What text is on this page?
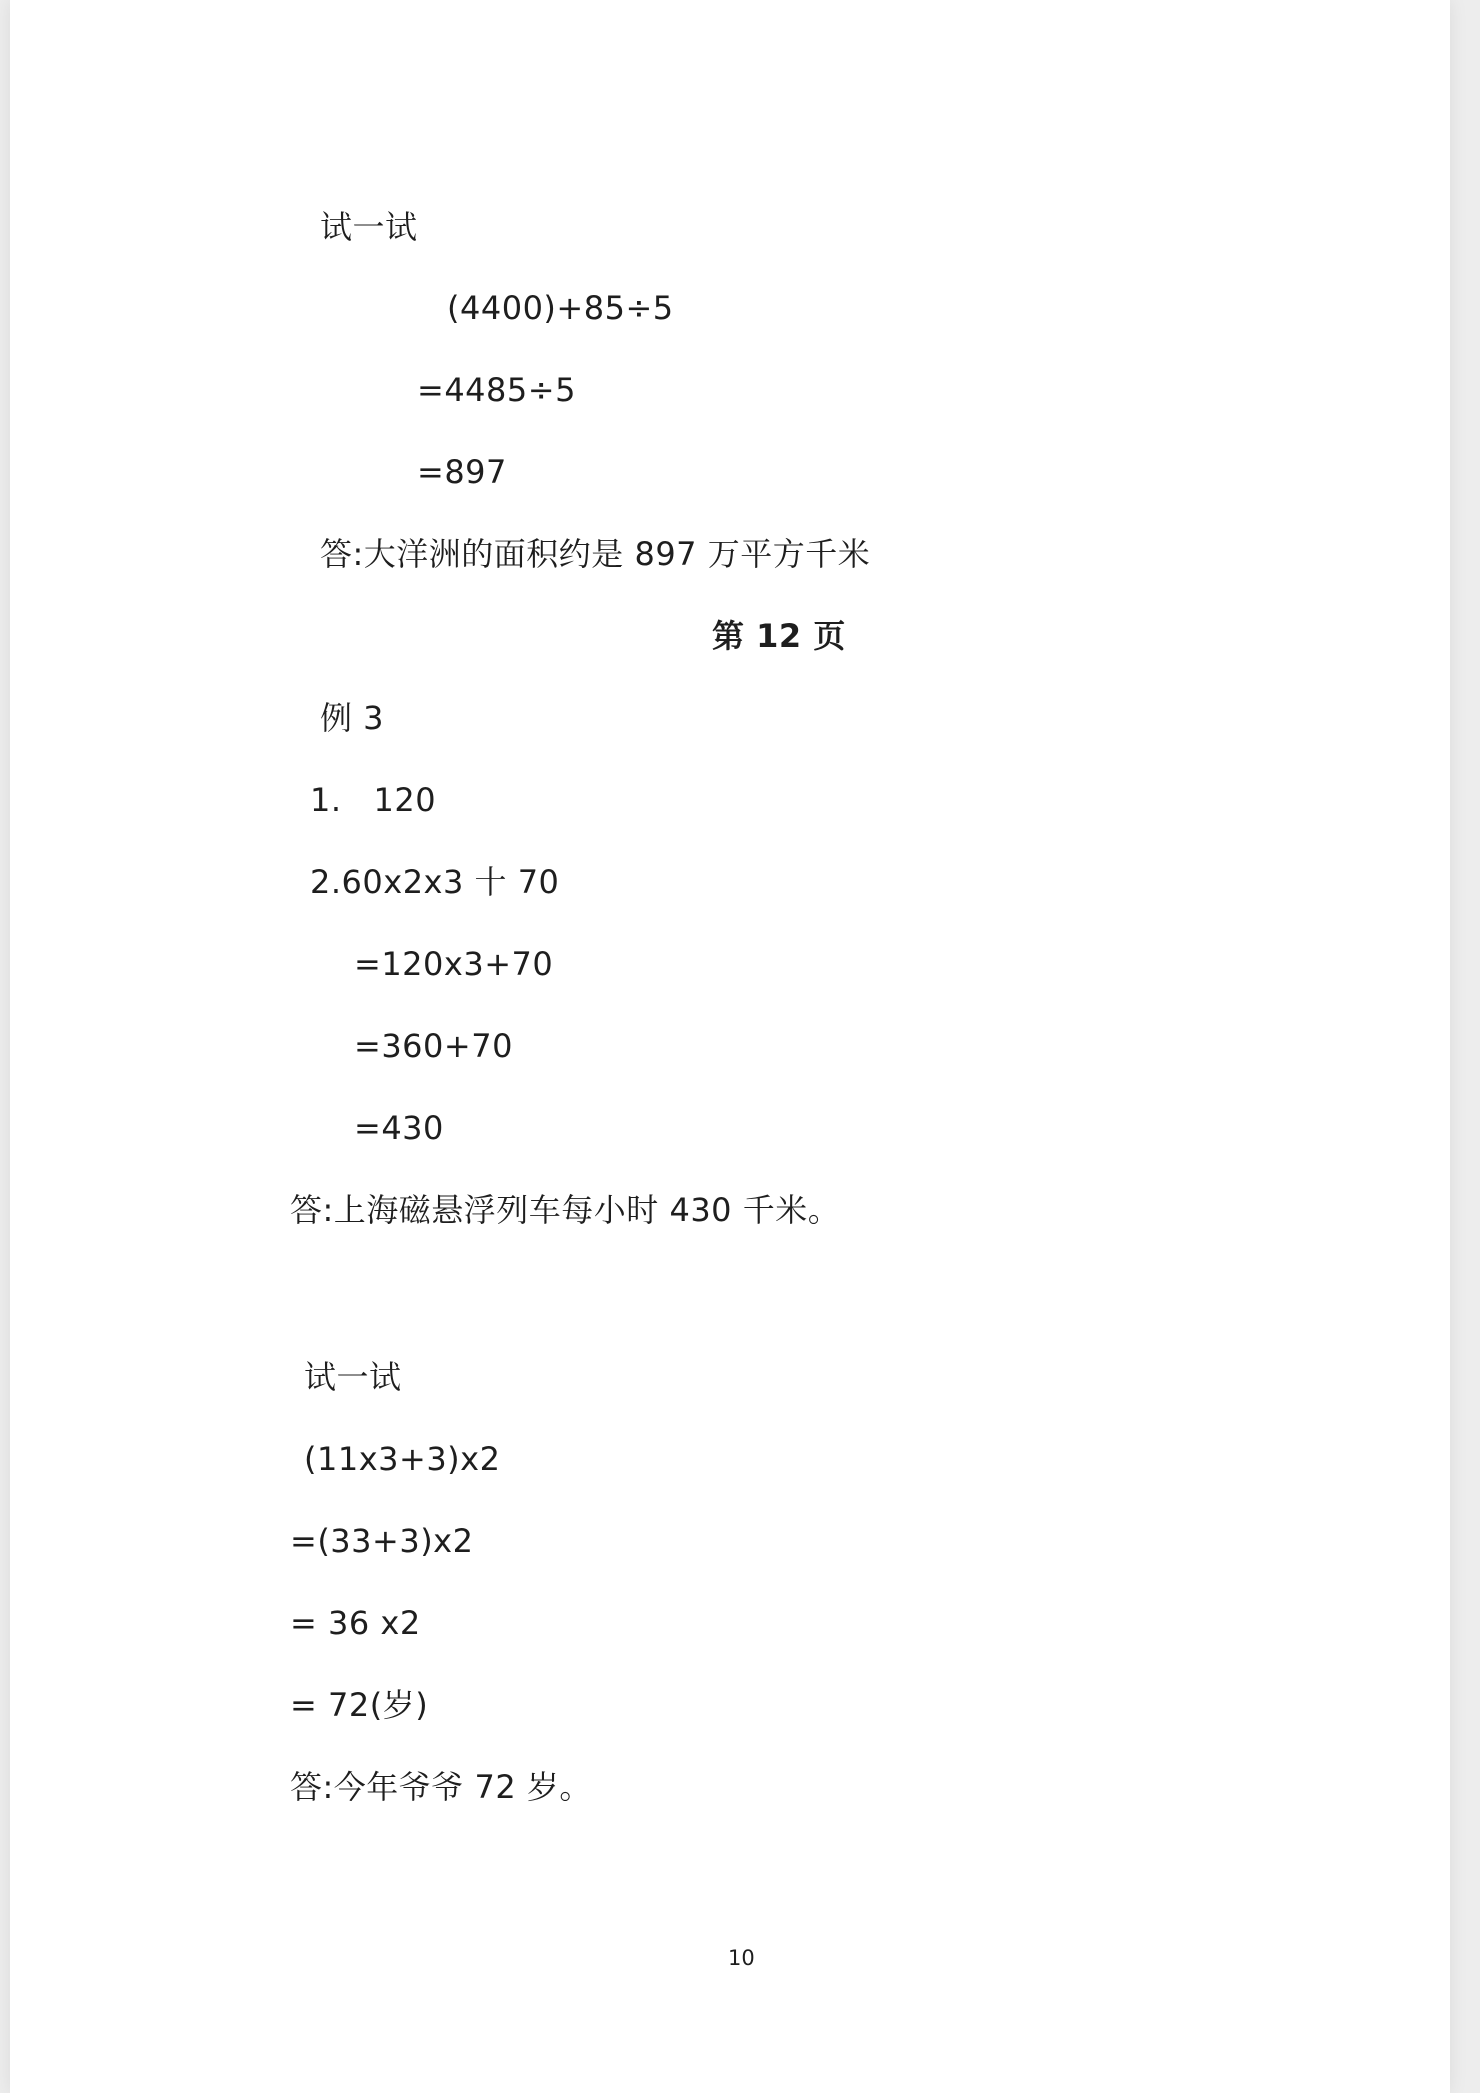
试一试
(4400)+85÷5
=4485÷5
=897
答:大洋洲的面积约是 897 万平方千米
第 12 页
例 3
1.   120
2.60x2x3 十 70
=120x3+70
=360+70
=430
答:上海磁悬浮列车每小时 430 千米。
试一试
(11x3+3)x2
=(33+3)x2
= 36 x2
= 72(岁)
答:今年爷爷 72 岁。
10
